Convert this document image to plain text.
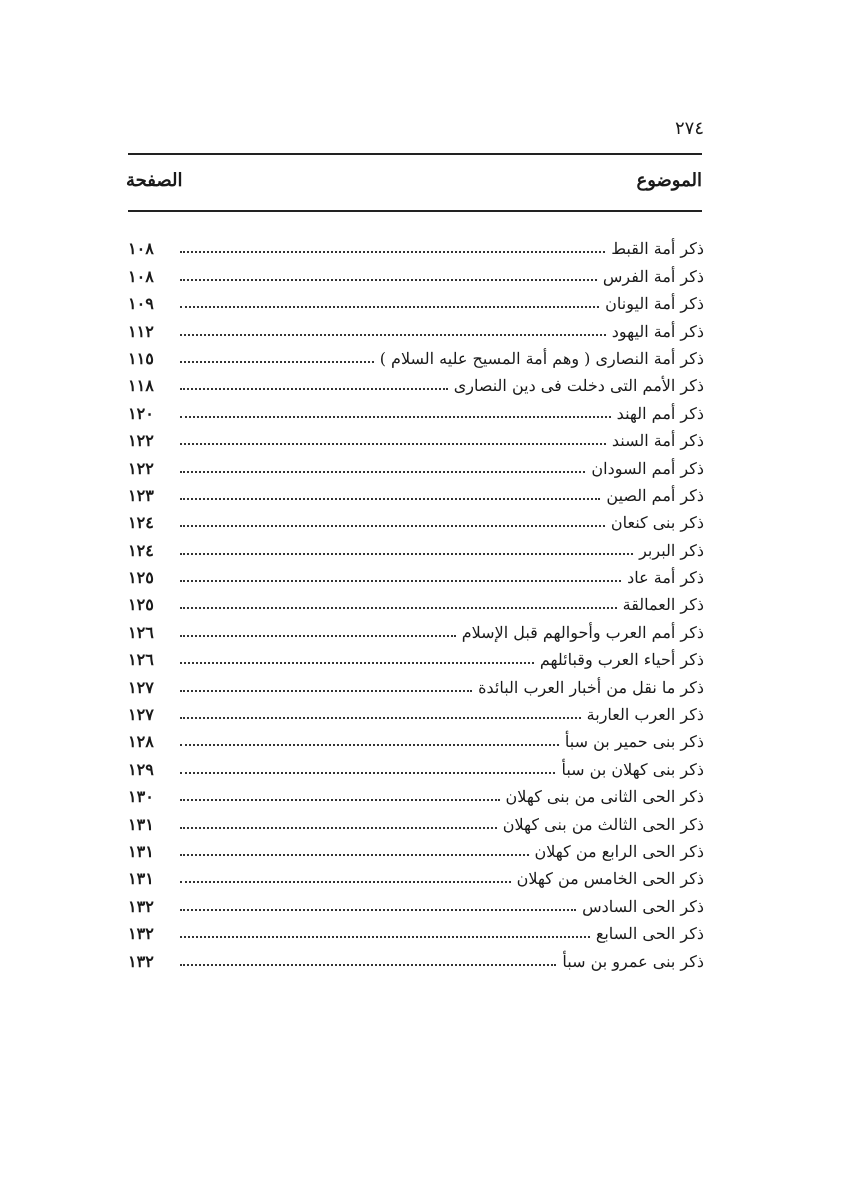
٢٧٤
الموضوع
الصفحة
ذكر أمة القبط
١٠٨
ذكر أمة الفرس
١٠٨
ذكر أمة اليونان
١٠٩
ذكر أمة اليهود
١١٢
ذكر أمة النصارى ( وهم أمة المسيح عليه السلام )
١١٥
ذكر الأمم التى دخلت فى دين النصارى
١١٨
ذكر أمم الهند
١٢٠
ذكر أمة السند
١٢٢
ذكر أمم السودان
١٢٢
ذكر أمم الصين
١٢٣
ذكر بنى كنعان
١٢٤
ذكر البربر
١٢٤
ذكر أمة عاد
١٢٥
ذكر العمالقة
١٢٥
ذكر أمم العرب وأحوالهم قبل الإسلام
١٢٦
ذكر أحياء العرب وقبائلهم
١٢٦
ذكر ما نقل من أخبار العرب البائدة
١٢٧
ذكر العرب العاربة
١٢٧
ذكر بنى حمير بن سبأ
١٢٨
ذكر بنى كهلان بن سبأ
١٢٩
ذكر الحى الثانى من بنى كهلان
١٣٠
ذكر الحى الثالث من بنى كهلان
١٣١
ذكر الحى الرابع من كهلان
١٣١
ذكر الحى الخامس من كهلان
١٣١
ذكر الحى السادس
١٣٢
ذكر الحى السابع
١٣٢
ذكر بنى عمرو بن سبأ
١٣٢
